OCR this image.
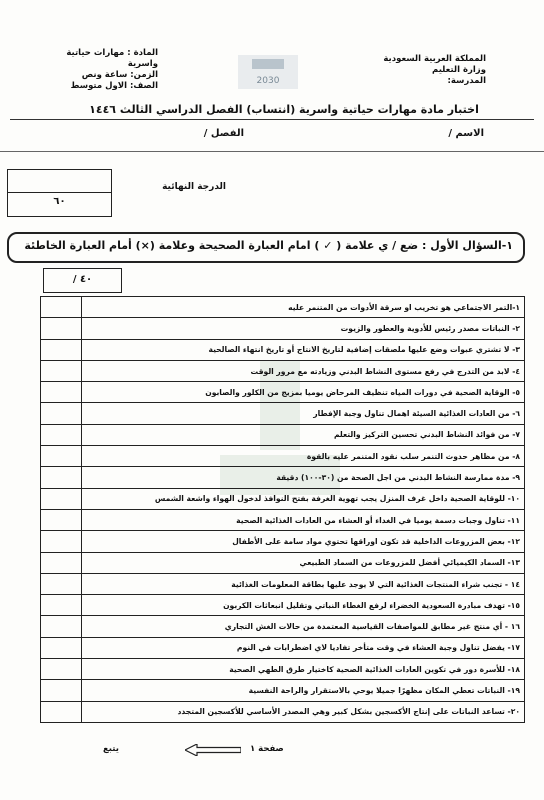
المملكة العربية السعودية
وزارة التعليم
المدرسة:
المادة : مهارات حياتية واسرية
الزمن: ساعة ونص
الصف: الاول متوسط	2030
اختبار مادة مهارات حياتية واسرية (انتساب) الفصل الدراسي الثالث ١٤٤٦
الاسم /
الفصل /
٦٠
الدرجة النهائية
١-السؤال الأول : ضع / ي علامة ( ✓ ) امام العبارة الصحيحة وعلامة (×) أمام العبارة الخاطئة
٤٠ /
١-التمر الاجتماعي هو تخريب او سرقة الأدوات من المتنمر عليه	
٢- النباتات مصدر رئيس للأدوية والعطور والزيوت	
٣- لا تشتري عبوات وضع عليها ملصقات إضافية لتاريخ الانتاج أو تاريخ انتهاء الصالحية	
٤- لابد من التدرج في رفع مستوى النشاط البدني وزيادته مع مرور الوقت	
٥- الوقاية الصحية في دورات المياه تنظيف المرحاض يوميا بمزيج من الكلور والصابون	
٦- من العادات الغذائية السيئة اهمال تناول وجبة الإفطار	
٧- من فوائد النشاط البدني تحسين التركيز والتعلم	
٨- من مظاهر حدوث التنمر سلب نقود المتنمر عليه بالقوة	
٩- مدة ممارسة النشاط البدني من اجل الصحة من (٣٠-١٠٠) دقيقة	
١٠- للوقاية الصحية داخل غرف المنزل يجب تهوية الغرفة بفتح النوافذ لدخول الهواء واشعة الشمس	
١١- تناول وجبات دسمة يوميا في الغداء أو العشاء من العادات الغذائية الصحية	
١٢- بعض المزروعات الداخلية قد تكون اوراقها تحتوي مواد سامة على الأطفال	
١٣- السماد الكيميائي أفضل للمزروعات من السماد الطبيعي	
١٤ - تجنب شراء المنتجات الغذائية التي لا يوجد عليها بطاقة المعلومات الغذائية	
١٥- تهدف مبادرة السعودية الخضراء لرفع الغطاء النباتي وتقليل انبعاثات الكربون	
١٦ - أي منتج غير مطابق للمواصفات القياسية المعتمدة من حالات الغش التجاري	
١٧- يفضل تناول وجبة العشاء في وقت متأخر تفاديا لاي اضطرابات في النوم	
١٨- للأسرة دور في تكوين العادات الغذائية الصحية كاختيار طرق الطهي الصحية	
١٩- النباتات تعطي المكان مظهرًا جميلا يوحي بالاستقرار والراحة النفسية	
٢٠- تساعد النباتات على إنتاج الأكسجين بشكل كبير وهي المصدر الأساسي للأكسجين المتجدد	
صفحة ١
يتبع
